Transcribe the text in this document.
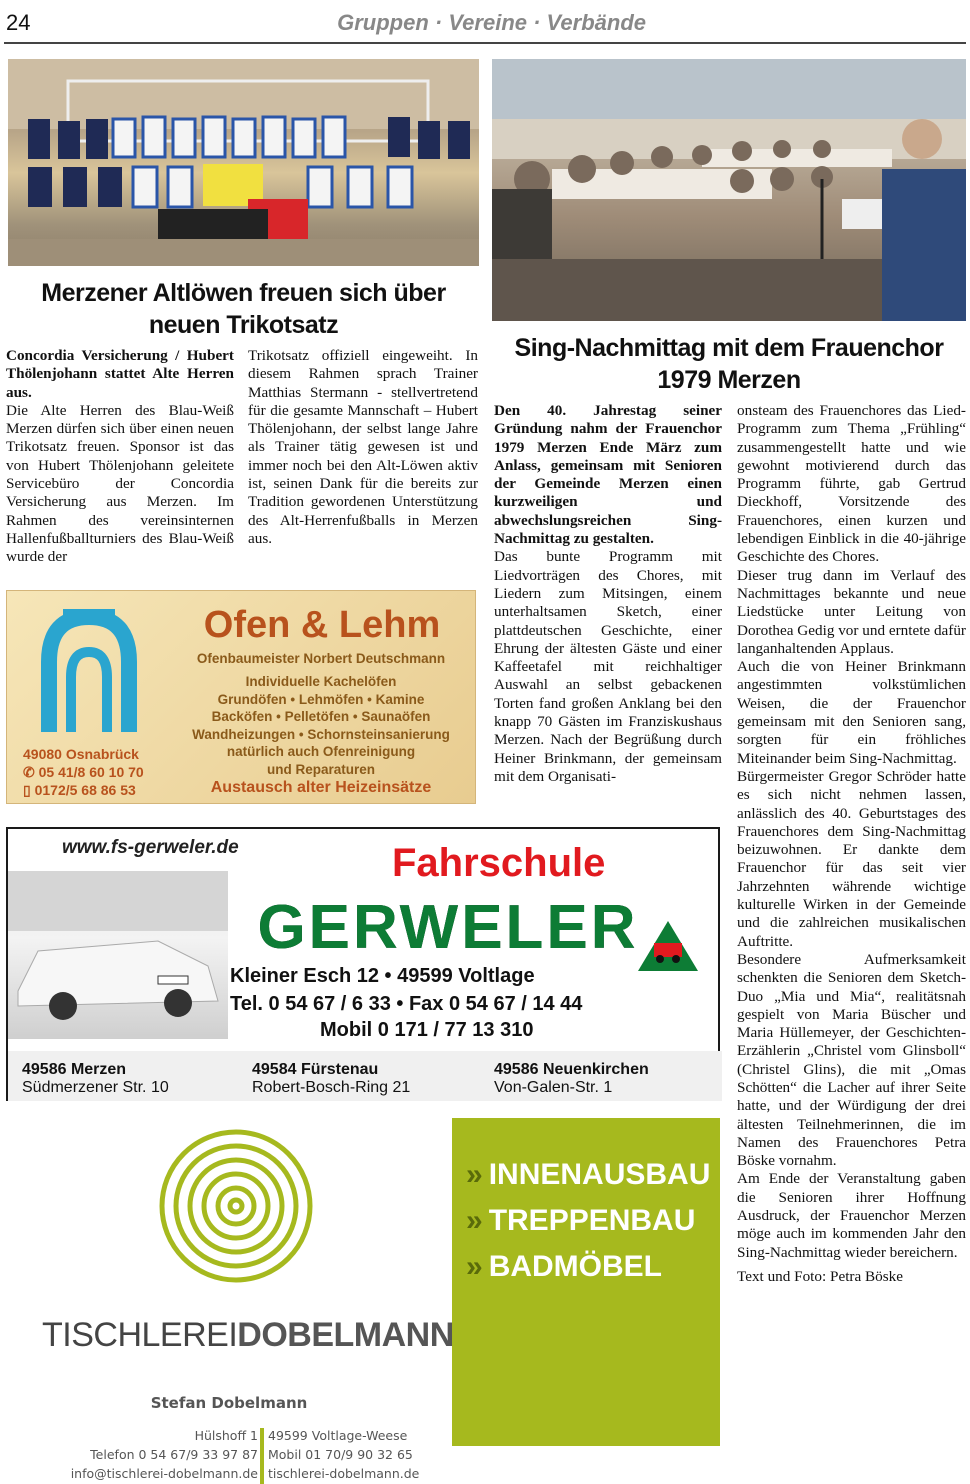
24	Gruppen · Vereine · Verbände
Merzener Altlöwen freuen sich über neuen Trikotsatz
Sing-Nachmittag mit dem Frauenchor 1979 Merzen

Concordia Versicherung / Hubert Thölenjohann stattet Alte Herren aus.

Die Alte Herren des Blau-Weiß Merzen dürfen sich über einen neuen Trikotsatz freuen. Sponsor ist das von Hubert Thölenjohann geleitete Servicebüro der Concordia Versicherung aus Merzen. Im Rahmen des vereinsinternen Hallenfußballturniers des Blau-Weiß wurde der

Trikotsatz offiziell eingeweiht. In diesem Rahmen sprach Trainer Matthias Stermann - stellvertretend für die gesamte Mannschaft – Hubert Thölenjohann, der selbst lange Jahre als Trainer tätig gewesen ist und immer noch bei den Alt-Löwen aktiv ist, seinen Dank für die bereits zur Tradition gewordenen Unterstützung des Alt-Herrenfußballs in Merzen aus.

Den 40. Jahrestag seiner Gründung nahm der Frauenchor 1979 Merzen Ende März zum Anlass, gemeinsam mit Senioren der Gemeinde Merzen einen kurzweiligen und abwechslungsreichen Sing-Nachmittag zu gestalten.

Das bunte Programm mit Liedvorträgen des Chores, mit Liedern zum Mitsingen, einem unterhaltsamen Sketch, einer plattdeutschen Geschichte, einer Ehrung der ältesten Gäste und einer Kaffeetafel mit reichhaltiger Auswahl an selbst gebackenen Torten fand großen Anklang bei den knapp 70 Gästen im Franziskushaus Merzen. Nach der Begrüßung durch Heiner Brinkmann, der gemeinsam mit dem Organisati-

onsteam des Frauenchores das Lied-Programm zum Thema „Frühling“ zusammengestellt hatte und wie gewohnt motivierend durch das Programm führte, gab Gertrud Dieckhoff, Vorsitzende des Frauenchores, einen kurzen und lebendigen Einblick in die 40-jährige Geschichte des Chores.

Dieser trug dann im Verlauf des Nachmittages bekannte und neue Liedstücke unter Leitung von Dorothea Gedig vor und erntete dafür langanhaltenden Applaus.

Auch die von Heiner Brinkmann angestimmten volkstümlichen Weisen, die der Frauenchor gemeinsam mit den Senioren sang, sorgten für ein fröhliches Miteinander beim Sing-Nachmittag.

Bürgermeister Gregor Schröder hatte es sich nicht nehmen lassen, anlässlich des 40. Geburtstages des Frauenchores dem Sing-Nachmittag beizuwohnen. Er dankte dem Frauenchor für das seit vier Jahrzehnten währende wichtige kulturelle Wirken in der Gemeinde und die zahlreichen musikalischen Auftritte.

Besondere Aufmerksamkeit schenkten die Senioren dem Sketch-Duo „Mia und Mia“, realitätsnah gespielt von Maria Büscher und Maria Hüllemeyer, der Geschichten-Erzählerin „Christel vom Glinsboll“ (Christel Glins), die mit „Omas Schötten“ die Lacher auf ihrer Seite hatte, und der Würdigung der drei ältesten Teilnehmerinnen, die im Namen des Frauenchores Petra Böske vornahm.

Am Ende der Veranstaltung gaben die Senioren ihrer Hoffnung Ausdruck, der Frauenchor Merzen möge auch im kommenden Jahr den Sing-Nachmittag wieder bereichern.

Text und Foto: Petra Böske

Ofen & Lehm
Ofenbaumeister Norbert Deutschmann
Individuelle Kachelöfen
Grundöfen • Lehmöfen • Kamine
Backöfen • Pelletöfen • Saunaöfen
Wandheizungen • Schornsteinsanierung
natürlich auch Ofenreinigung
und Reparaturen
49080 Osnabrück
✆ 05 41/8 60 10 70
▯ 0172/5 68 86 53	Austausch alter Heizeinsätze
www.fs-gerweler.de	Fahrschule
GERWELER
Kleiner Esch 12 • 49599 Voltlage
Tel. 0 54 67 / 6 33 • Fax 0 54 67 / 14 44
Mobil 0 171 / 77 13 310
49586 Merzen
Südmerzener Str. 10
49584 Fürstenau
Robert-Bosch-Ring 21
49586 Neuenkirchen
Von-Galen-Str. 1
TISCHLEREIDOBELMANN
Stefan Dobelmann
Hülshoff 1
Telefon 0 54 67/9 33 97 87
info@tischlerei-dobelmann.de
49599 Voltlage-Weese
Mobil 01 70/9 90 32 65
tischlerei-dobelmann.de
» INNENAUSBAU
» TREPPENBAU
» BADMÖBEL
